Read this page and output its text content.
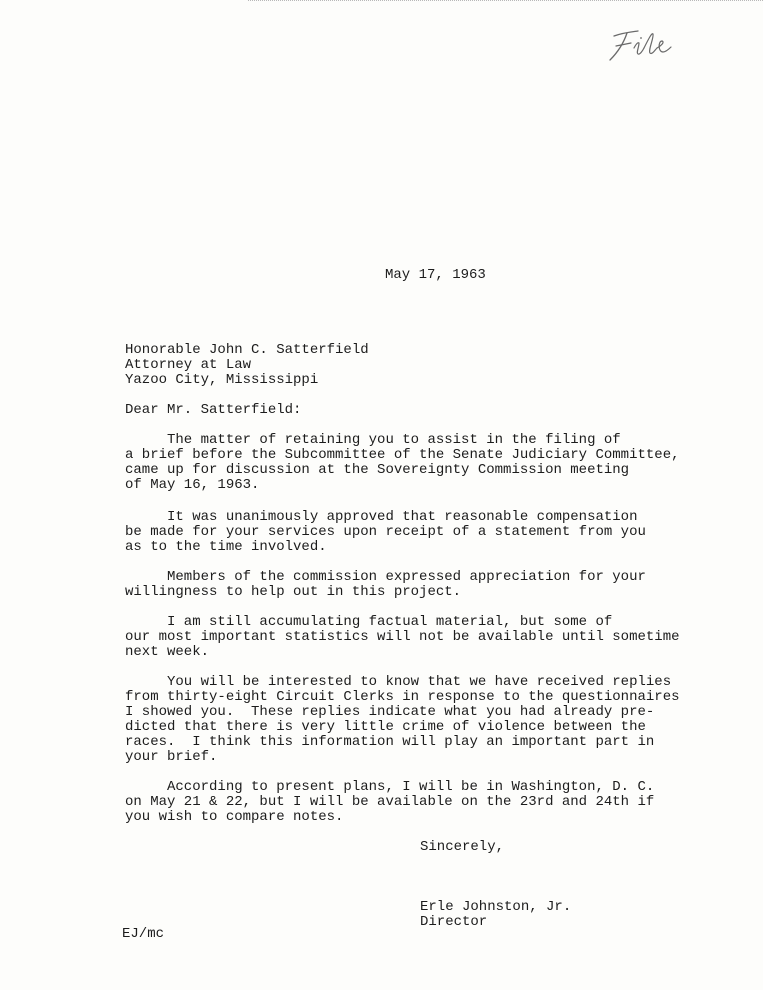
May 17, 1963
Honorable John C. Satterfield
Attorney at Law
Yazoo City, Mississippi
Dear Mr. Satterfield:
The matter of retaining you to assist in the filing of
a brief before the Subcommittee of the Senate Judiciary Committee,
came up for discussion at the Sovereignty Commission meeting
of May 16, 1963.
It was unanimously approved that reasonable compensation
be made for your services upon receipt of a statement from you
as to the time involved.
Members of the commission expressed appreciation for your
willingness to help out in this project.
I am still accumulating factual material, but some of
our most important statistics will not be available until sometime
next week.
You will be interested to know that we have received replies
from thirty-eight Circuit Clerks in response to the questionnaires
I showed you.  These replies indicate what you had already pre-
dicted that there is very little crime of violence between the
races.  I think this information will play an important part in
your brief.
According to present plans, I will be in Washington, D. C.
on May 21 & 22, but I will be available on the 23rd and 24th if
you wish to compare notes.
Sincerely,
Erle Johnston, Jr.
Director
EJ/mc
